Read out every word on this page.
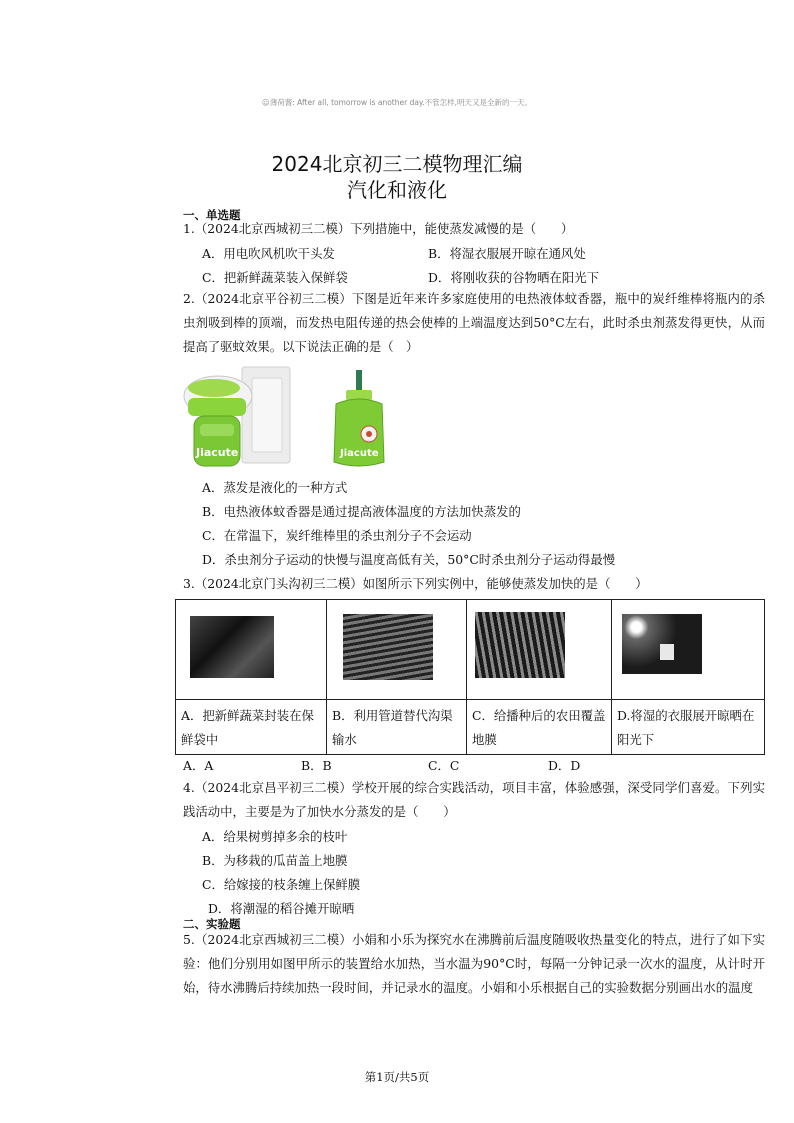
☺薄荷酱: After all, tomorrow is another day.不管怎样,明天又是全新的一天。
2024北京初三二模物理汇编
汽化和液化
一、单选题
1.（2024北京西城初三二模）下列措施中，能使蒸发减慢的是（　　）
A．用电吹风机吹干头发	B．将湿衣服展开晾在通风处
C．把新鲜蔬菜装入保鲜袋	D．将刚收获的谷物晒在阳光下
2.（2024北京平谷初三二模）下图是近年来许多家庭使用的电热液体蚊香器，瓶中的炭纤维棒将瓶内的杀虫剂吸到棒的顶端，而发热电阻传递的热会使棒的上端温度达到50°C左右，此时杀虫剂蒸发得更快，从而提高了驱蚊效果。以下说法正确的是（　）
Jiacute	Jiacute
A．蒸发是液化的一种方式
B．电热液体蚊香器是通过提高液体温度的方法加快蒸发的
C．在常温下，炭纤维棒里的杀虫剂分子不会运动
D．杀虫剂分子运动的快慢与温度高低有关，50°C时杀虫剂分子运动得最慢
3.（2024北京门头沟初三二模）如图所示下列实例中，能够使蒸发加快的是（　　）

A．把新鲜蔬菜封装在保鲜袋中	B．利用管道替代沟渠输水	C．给播种后的农田覆盖地膜	D.将湿的衣服展开晾晒在阳光下
A．A	B．B	C．C	D．D
4.（2024北京昌平初三二模）学校开展的综合实践活动，项目丰富，体验感强，深受同学们喜爱。下列实践活动中，主要是为了加快水分蒸发的是（　　）
A．给果树剪掉多余的枝叶
B．为移栽的瓜苗盖上地膜
C．给嫁接的枝条缠上保鲜膜
D．将潮湿的稻谷摊开晾晒
二、实验题
5.（2024北京西城初三二模）小娟和小乐为探究水在沸腾前后温度随吸收热量变化的特点，进行了如下实验：他们分别用如图甲所示的装置给水加热，当水温为90°C时，每隔一分钟记录一次水的温度，从计时开始，待水沸腾后持续加热一段时间，并记录水的温度。小娟和小乐根据自己的实验数据分别画出水的温度
第1页/共5页
